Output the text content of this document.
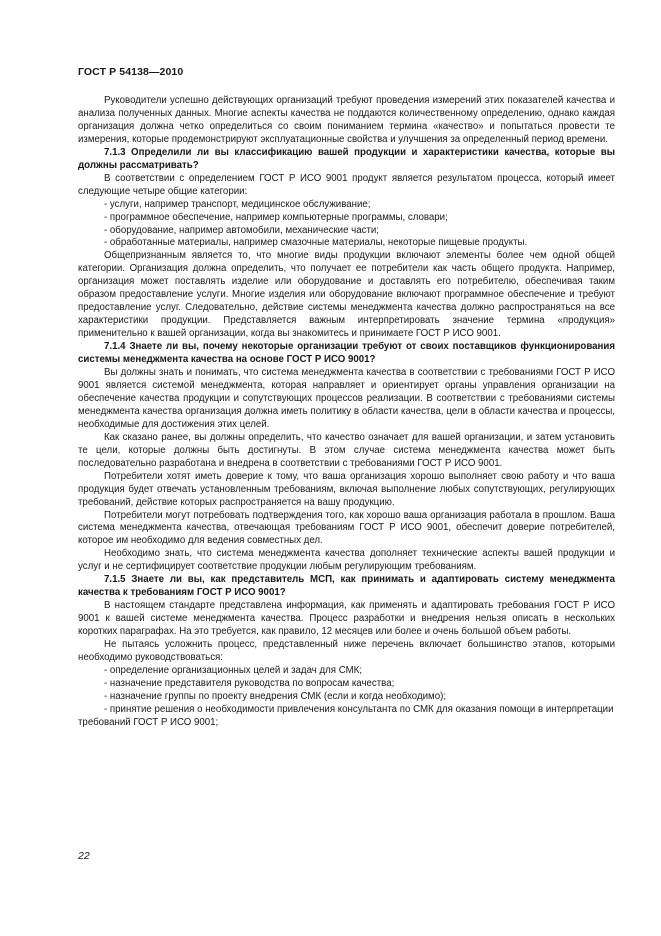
ГОСТ Р 54138—2010

Руководители успешно действующих организаций требуют проведения измерений этих показателей качества и анализа полученных данных. Многие аспекты качества не поддаются количественному определению, однако каждая организация должна четко определиться со своим пониманием термина «качество» и попытаться провести те измерения, которые продемонстрируют эксплуатационные свойства и улучшения за определенный период времени.

7.1.3 Определили ли вы классификацию вашей продукции и характеристики качества, которые вы должны рассматривать?

В соответствии с определением ГОСТ Р ИСО 9001 продукт является результатом процесса, который имеет следующие четыре общие категории:

- услуги, например транспорт, медицинское обслуживание;

- программное обеспечение, например компьютерные программы, словари;

- оборудование, например автомобили, механические части;

- обработанные материалы, например смазочные материалы, некоторые пищевые продукты.

Общепризнанным является то, что многие виды продукции включают элементы более чем одной общей категории. Организация должна определить, что получает ее потребители как часть общего продукта. Например, организация может поставлять изделие или оборудование и доставлять его потребителю, обеспечивая таким образом предоставление услуги. Многие изделия или оборудование включают программное обеспечение и требуют предоставление услуг. Следовательно, действие системы менеджмента качества должно распространяться на все характеристики продукции. Представляется важным интерпретировать значение термина «продукция» применительно к вашей организации, когда вы знакомитесь и принимаете ГОСТ Р ИСО 9001.

7.1.4 Знаете ли вы, почему некоторые организации требуют от своих поставщиков функционирования системы менеджмента качества на основе ГОСТ Р ИСО 9001?

Вы должны знать и понимать, что система менеджмента качества в соответствии с требованиями ГОСТ Р ИСО 9001 является системой менеджмента, которая направляет и ориентирует органы управления организации на обеспечение качества продукции и сопутствующих процессов реализации. В соответствии с требованиями системы менеджмента качества организация должна иметь политику в области качества, цели в области качества и процессы, необходимые для достижения этих целей.

Как сказано ранее, вы должны определить, что качество означает для вашей организации, и затем установить те цели, которые должны быть достигнуты. В этом случае система менеджмента качества может быть последовательно разработана и внедрена в соответствии с требованиями ГОСТ Р ИСО 9001.

Потребители хотят иметь доверие к тому, что ваша организация хорошо выполняет свою работу и что ваша продукция будет отвечать установленным требованиям, включая выполнение любых сопутствующих, регулирующих требований, действие которых распространяется на вашу продукцию.

Потребители могут потребовать подтверждения того, как хорошо ваша организация работала в прошлом. Ваша система менеджмента качества, отвечающая требованиям ГОСТ Р ИСО 9001, обеспечит доверие потребителей, которое им необходимо для ведения совместных дел.

Необходимо знать, что система менеджмента качества дополняет технические аспекты вашей продукции и услуг и не сертифицирует соответствие продукции любым регулирующим требованиям.

7.1.5 Знаете ли вы, как представитель МСП, как принимать и адаптировать систему менеджмента качества к требованиям ГОСТ Р ИСО 9001?

В настоящем стандарте представлена информация, как применять и адаптировать требования ГОСТ Р ИСО 9001 к вашей системе менеджмента качества. Процесс разработки и внедрения нельзя описать в нескольких коротких параграфах. На это требуется, как правило, 12 месяцев или более и очень большой объем работы.

Не пытаясь усложнить процесс, представленный ниже перечень включает большинство этапов, которыми необходимо руководствоваться:

- определение организационных целей и задач для СМК;

- назначение представителя руководства по вопросам качества;

- назначение группы по проекту внедрения СМК (если и когда необходимо);

- принятие решения о необходимости привлечения консультанта по СМК для оказания помощи в интерпретации требований ГОСТ Р ИСО 9001;

22
